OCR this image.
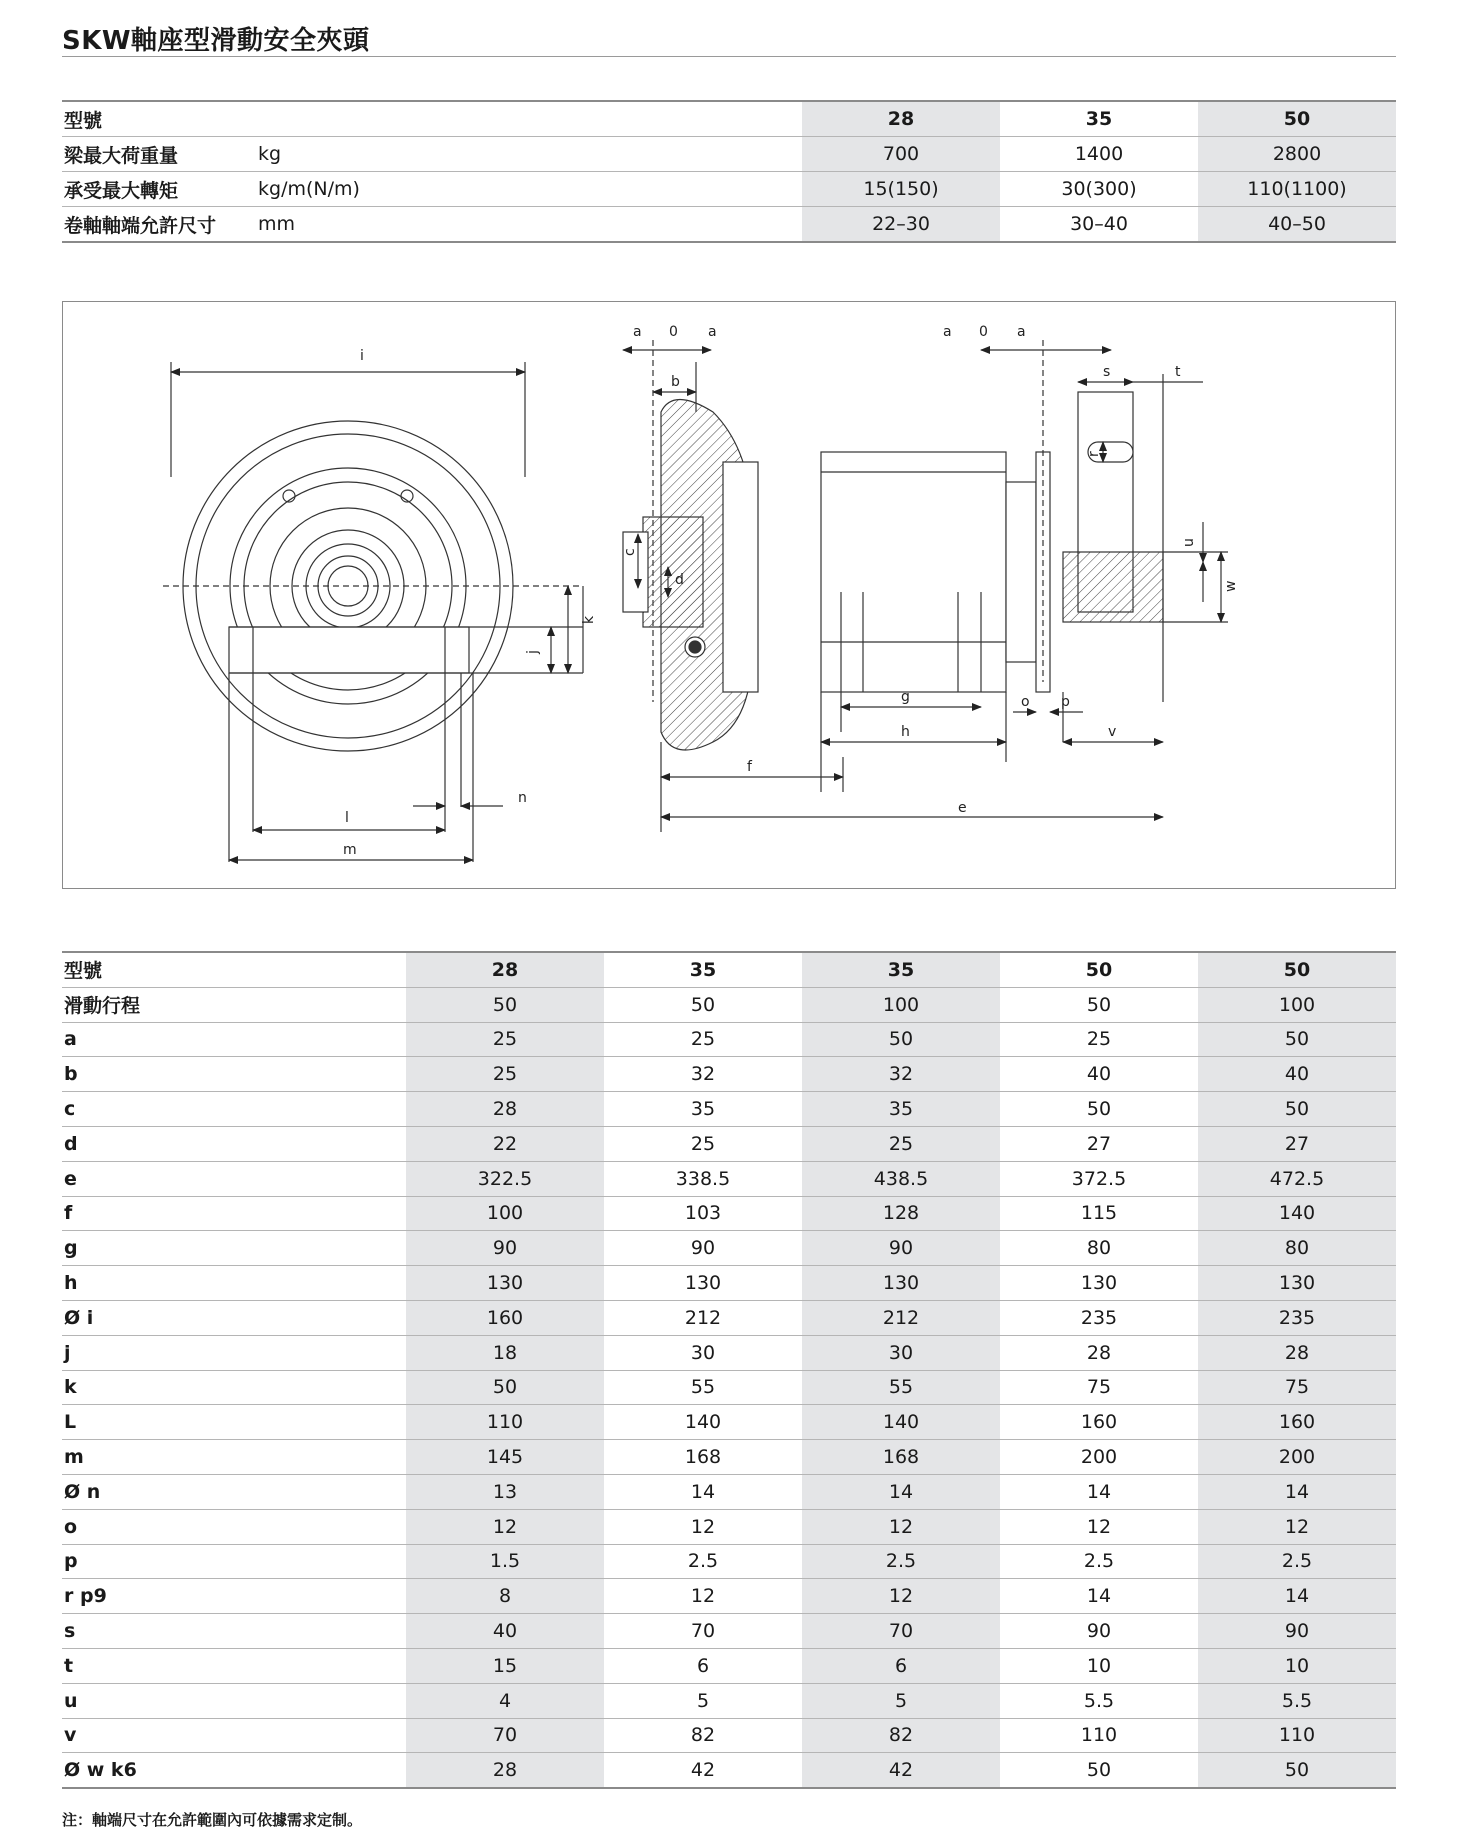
SKW軸座型滑動安全夾頭
型號		28	35	50
梁最大荷重量	kg	700	1400	2800
承受最大轉矩	kg/m(N/m)	15(150)	30(300)	110(1100)
卷軸軸端允許尺寸	mm	22–30	30–40	40–50
i
k
j
l
m
n
a 0 a
b
c
d
a 0 a
s	t
r
u
w
g
h
o p
v
f
e
型號	28	35	35	50	50
滑動行程	50	50	100	50	100
a	25	25	50	25	50
b	25	32	32	40	40
c	28	35	35	50	50
d	22	25	25	27	27
e	322.5	338.5	438.5	372.5	472.5
f	100	103	128	115	140
g	90	90	90	80	80
h	130	130	130	130	130
Ø i	160	212	212	235	235
j	18	30	30	28	28
k	50	55	55	75	75
L	110	140	140	160	160
m	145	168	168	200	200
Ø n	13	14	14	14	14
o	12	12	12	12	12
p	1.5	2.5	2.5	2.5	2.5
r p9	8	12	12	14	14
s	40	70	70	90	90
t	15	6	6	10	10
u	4	5	5	5.5	5.5
v	70	82	82	110	110
Ø w k6	28	42	42	50	50
注：軸端尺寸在允許範圍內可依據需求定制。
